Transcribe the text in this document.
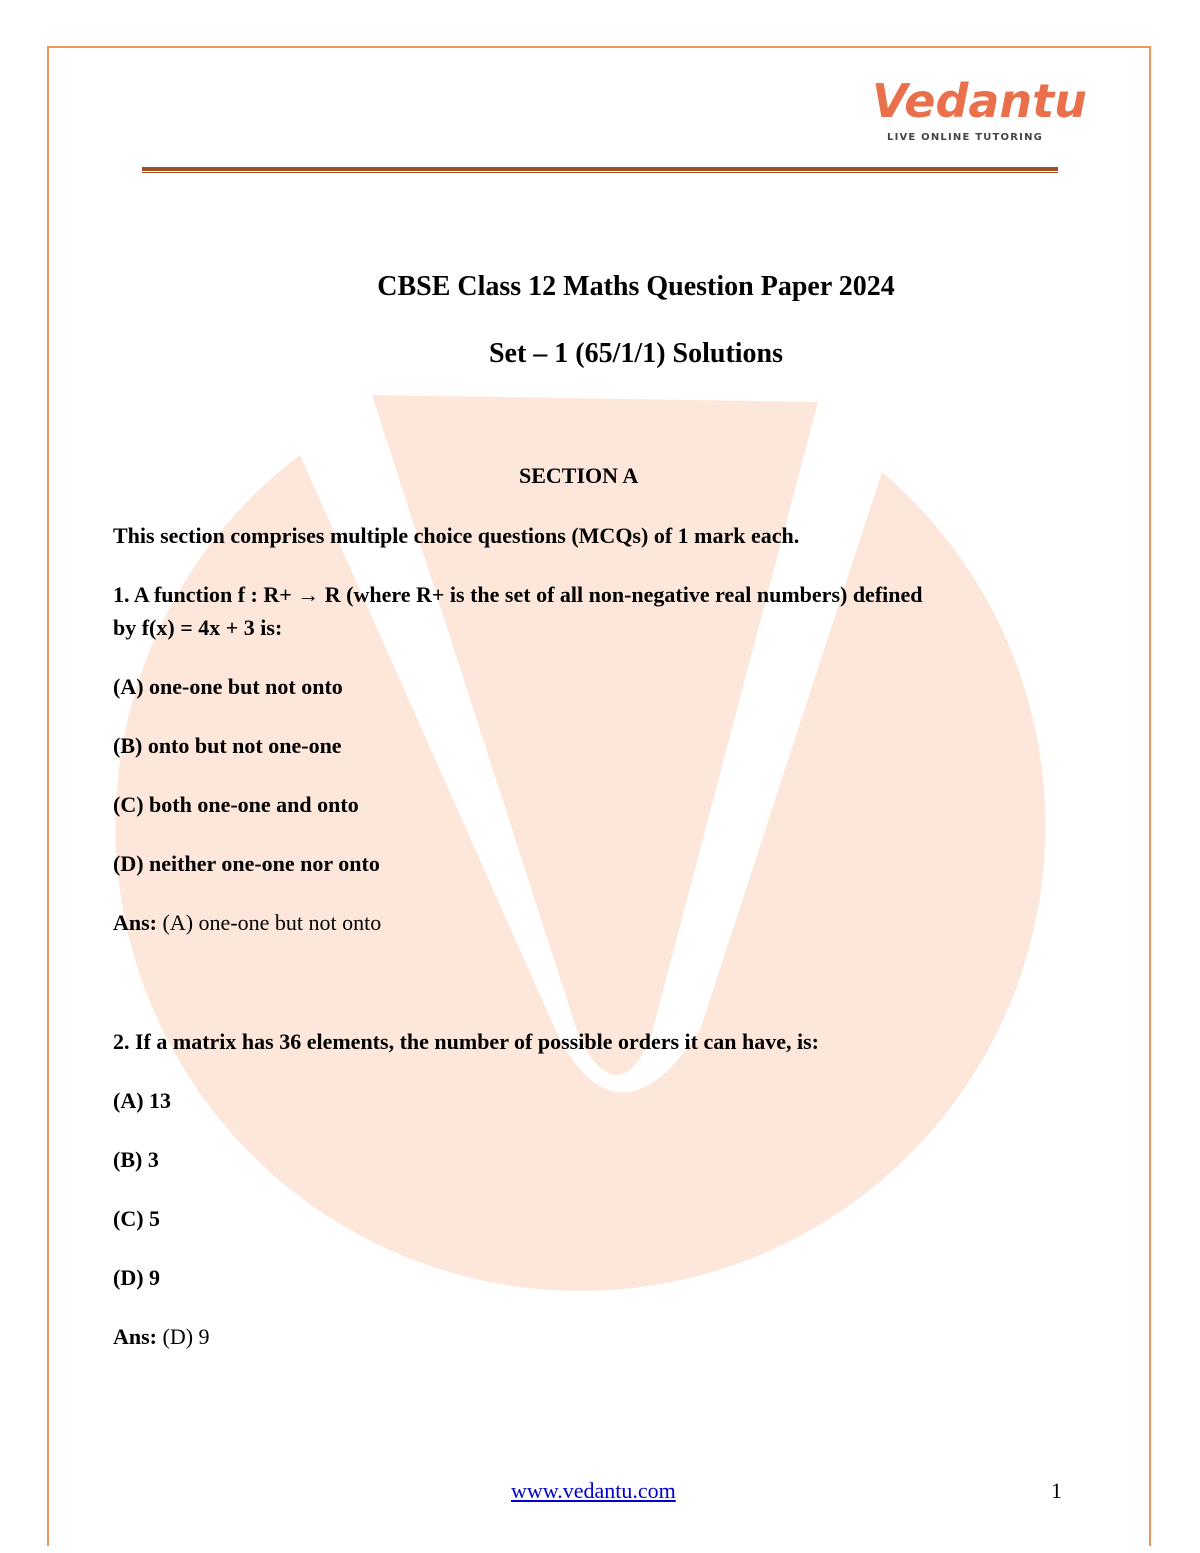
Vedantu
LIVE ONLINE TUTORING
CBSE Class 12 Maths Question Paper 2024
Set – 1 (65/1/1) Solutions
SECTION A
This section comprises multiple choice questions (MCQs) of 1 mark each.
1. A function f : R+ → R (where R+ is the set of all non-negative real numbers) defined
by f(x) = 4x + 3 is:
(A) one-one but not onto
(B) onto but not one-one
(C) both one-one and onto
(D) neither one-one nor onto
Ans: (A) one-one but not onto
2. If a matrix has 36 elements, the number of possible orders it can have, is:
(A) 13
(B) 3
(C) 5
(D) 9
Ans: (D) 9
www.vedantu.com	1
